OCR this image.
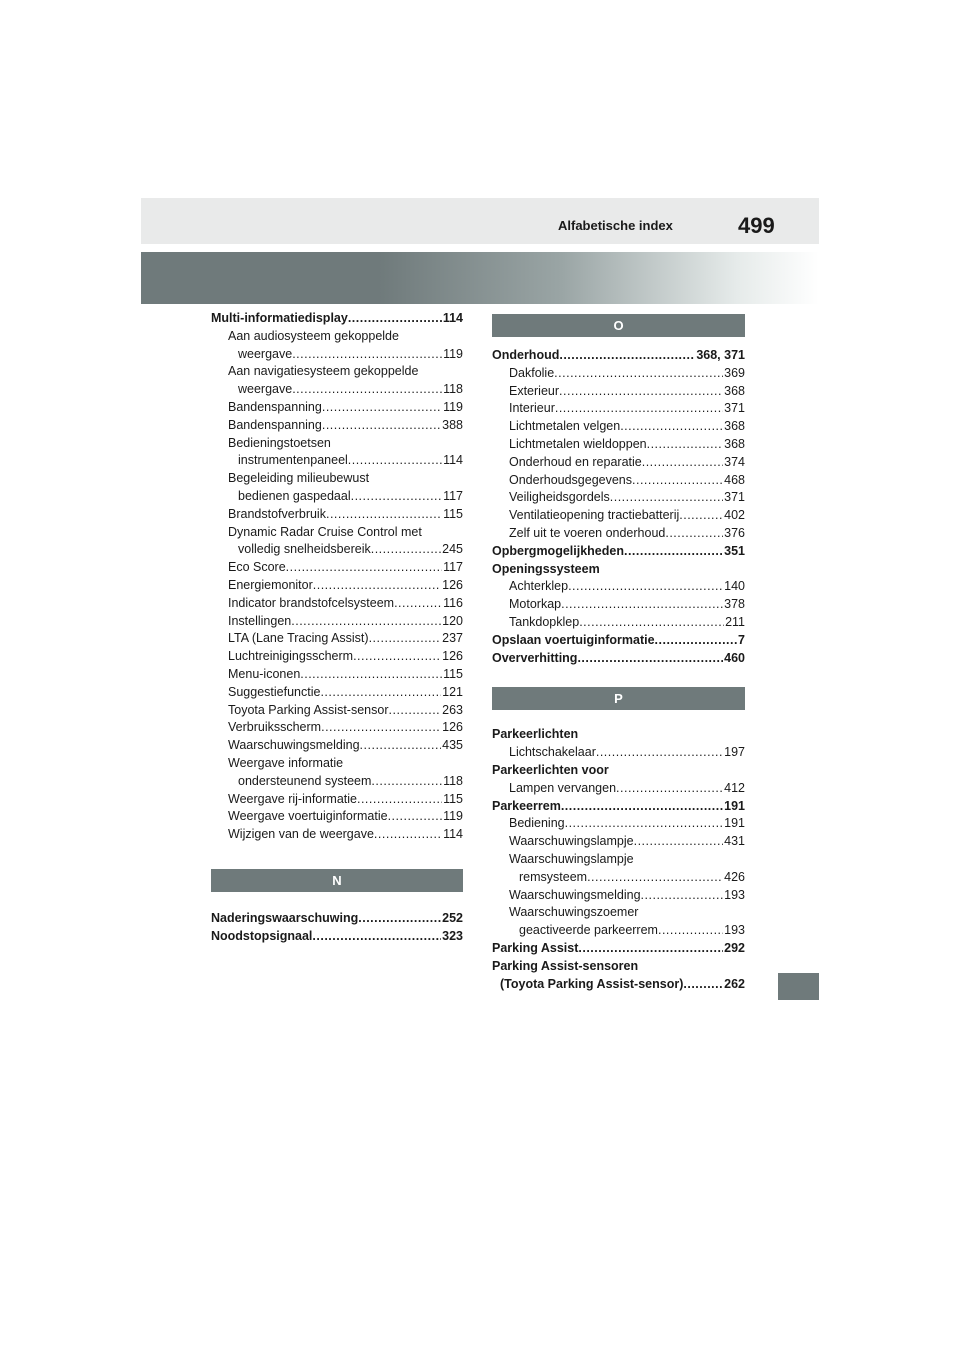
Alfabetische index	499
Multi-informatiedisplay .....	114
Aan audiosysteem gekoppelde
weergave .....	119
Aan navigatiesysteem gekoppelde
weergave .....	118
Bandenspanning .....	119
Bandenspanning .....	388
Bedieningstoetsen
instrumentenpaneel .....	114
Begeleiding milieubewust
bedienen gaspedaal .....	117
Brandstofverbruik .....	115
Dynamic Radar Cruise Control met
volledig snelheidsbereik .....	245
Eco Score .....	117
Energiemonitor .....	126
Indicator brandstofcelsysteem .....	116
Instellingen .....	120
LTA (Lane Tracing Assist) .....	237
Luchtreinigingsscherm .....	126
Menu-iconen .....	115
Suggestiefunctie .....	121
Toyota Parking Assist-sensor .....	263
Verbruiksscherm .....	126
Waarschuwingsmelding .....	435
Weergave informatie
ondersteunend systeem .....	118
Weergave rij-informatie .....	115
Weergave voertuiginformatie .....	119
Wijzigen van de weergave .....	114
N
Naderingswaarschuwing .....	252
Noodstopsignaal .....	323
O
Onderhoud .....	368, 371
Dakfolie .....	369
Exterieur .....	368
Interieur .....	371
Lichtmetalen velgen .....	368
Lichtmetalen wieldoppen .....	368
Onderhoud en reparatie .....	374
Onderhoudsgegevens .....	468
Veiligheidsgordels .....	371
Ventilatieopening tractiebatterij .....	402
Zelf uit te voeren onderhoud .....	376
Opbergmogelijkheden .....	351
Openingssysteem
Achterklep .....	140
Motorkap .....	378
Tankdopklep .....	211
Opslaan voertuiginformatie .....	7
Oververhitting .....	460
P
Parkeerlichten
Lichtschakelaar .....	197
Parkeerlichten voor
Lampen vervangen .....	412
Parkeerrem .....	191
Bediening .....	191
Waarschuwingslampje .....	431
Waarschuwingslampje
remsysteem .....	426
Waarschuwingsmelding .....	193
Waarschuwingszoemer
geactiveerde parkeerrem .....	193
Parking Assist .....	292
Parking Assist-sensoren
(Toyota Parking Assist-sensor) .....	262
